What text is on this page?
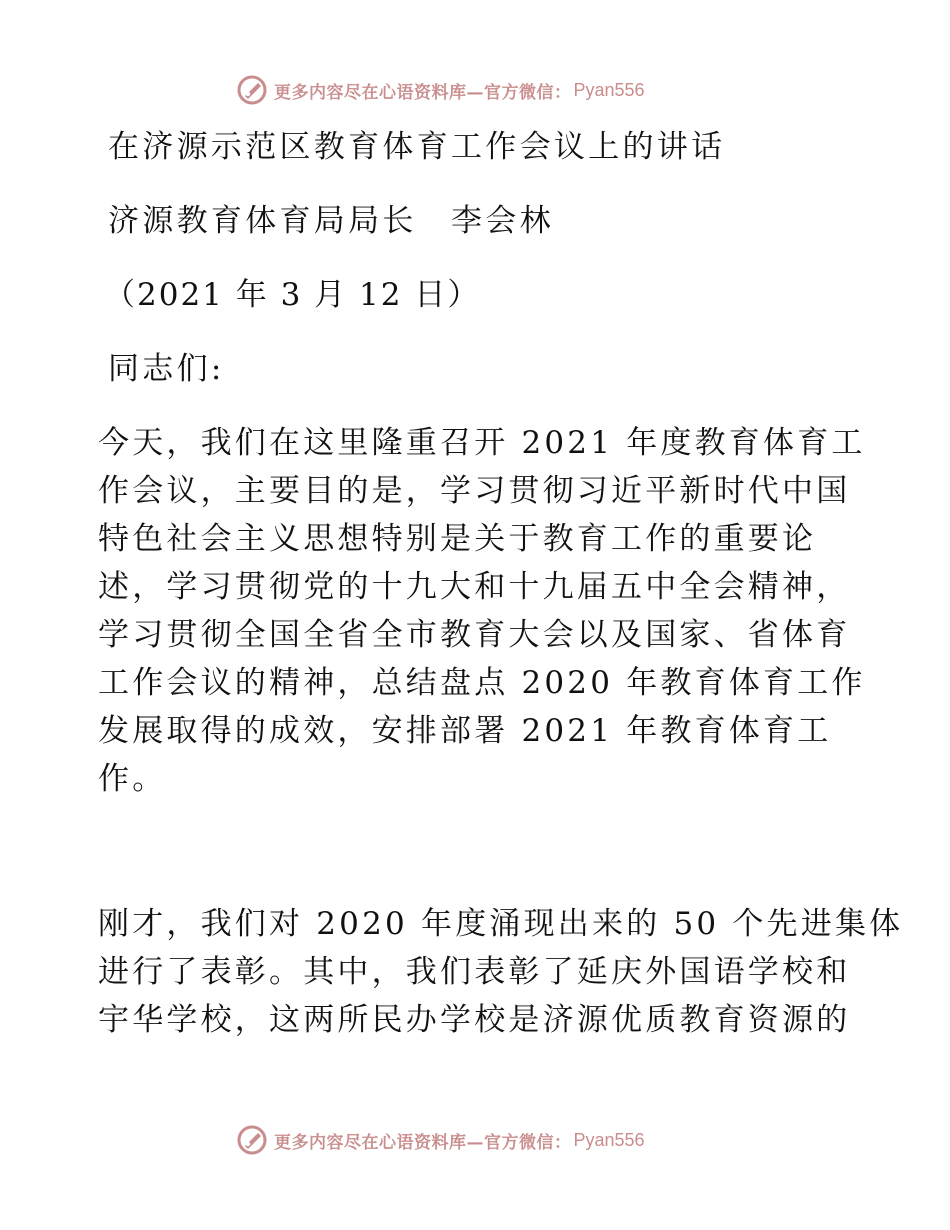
更多内容尽在心语资料库—官方微信： Pyan556
在济源示范区教育体育工作会议上的讲话
济源教育体育局局长　李会林
（2021 年 3 月 12 日）
同志们:
今天，我们在这里隆重召开 2021 年度教育体育工
作会议，主要目的是，学习贯彻习近平新时代中国
特色社会主义思想特别是关于教育工作的重要论
述，学习贯彻党的十九大和十九届五中全会精神，
学习贯彻全国全省全市教育大会以及国家、省体育
工作会议的精神，总结盘点 2020 年教育体育工作
发展取得的成效，安排部署 2021 年教育体育工
作。
刚才，我们对 2020 年度涌现出来的 50 个先进集体
进行了表彰。其中，我们表彰了延庆外国语学校和
宇华学校，这两所民办学校是济源优质教育资源的
更多内容尽在心语资料库—官方微信： Pyan556
